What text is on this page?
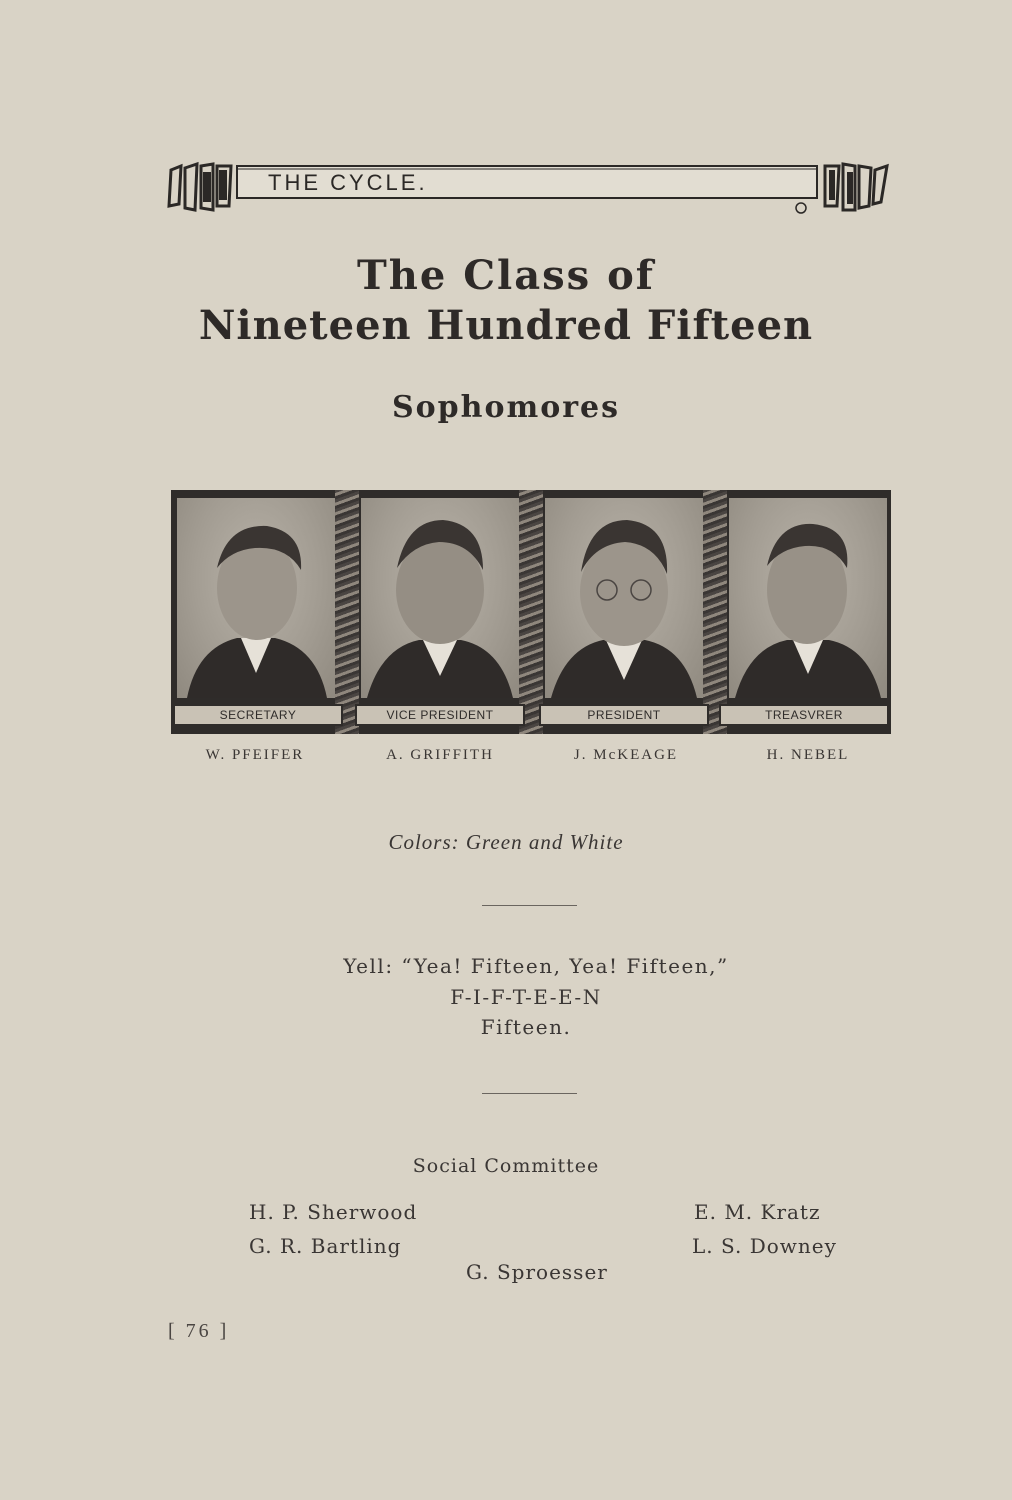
THE CYCLE.
The Class of
Nineteen Hundred Fifteen
Sophomores
SECRETARY	VICE PRESIDENT	PRESIDENT	TREASVRER
W. PFEIFER	A. GRIFFITH	J. McKEAGE	H. NEBEL
Colors: Green and White
Yell: “Yea! Fifteen, Yea! Fifteen,”
F-I-F-T-E-E-N
Fifteen.
Social Committee
H. P. Sherwood	E. M. Kratz
G. R. Bartling	L. S. Downey
G. Sproesser
[ 76 ]
